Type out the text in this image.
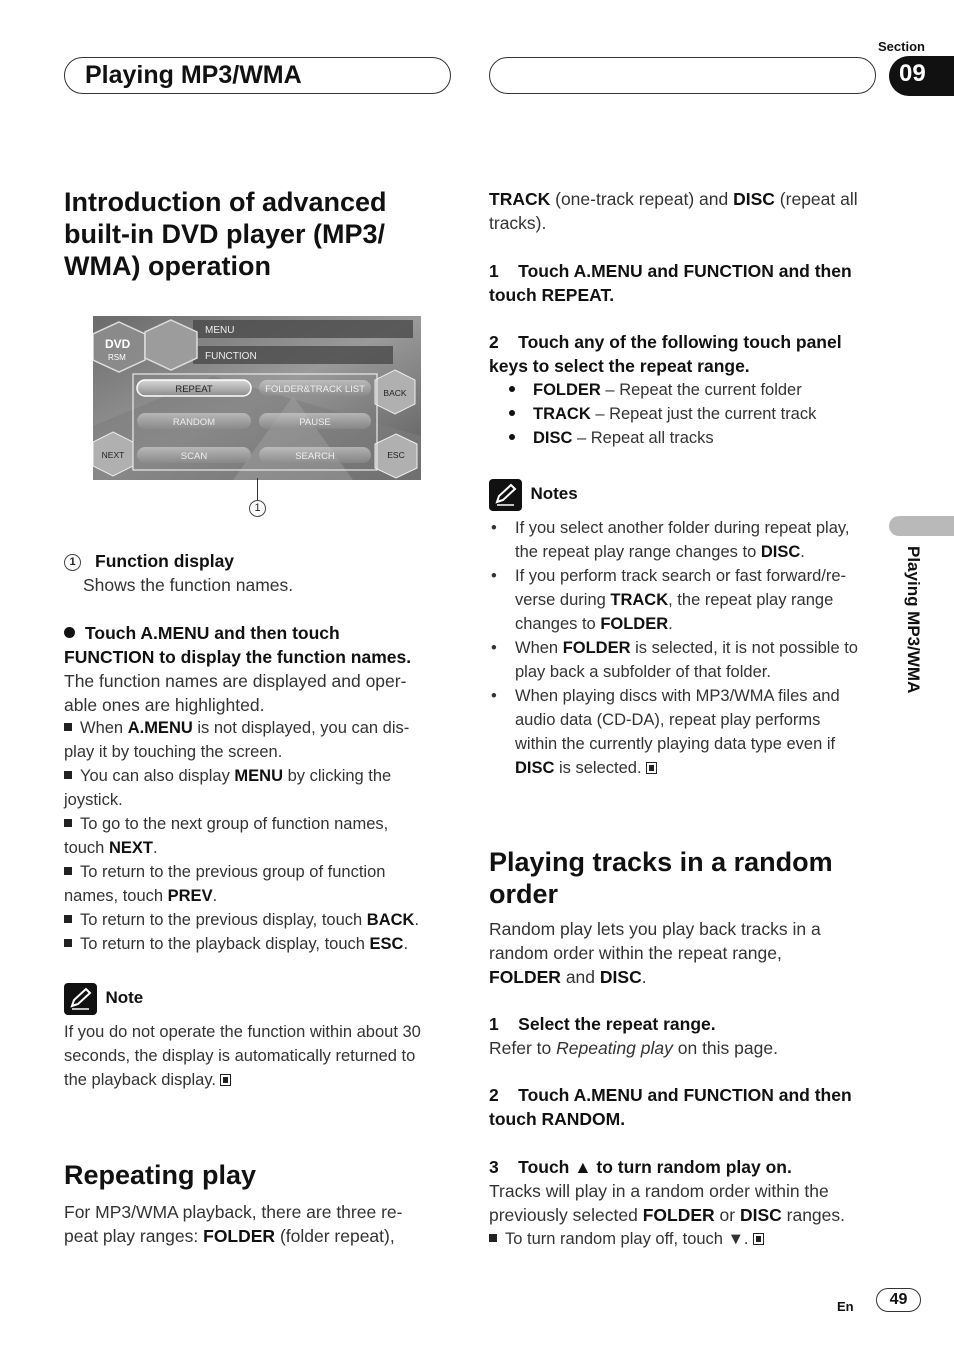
Playing MP3/WMA
Section
09
Playing MP3/WMA
Introduction of advanced
built-in DVD player (MP3/
WMA) operation
DVD
RSM
MENU
FUNCTION
REPEAT	FOLDER&TRACK LIST
RANDOM	PAUSE
SCAN	SEARCH
BACK
NEXT	ESC
1
1 Function display
Shows the function names.
Touch A.MENU and then touch
FUNCTION to display the function names.
The function names are displayed and oper-
able ones are highlighted.
When A.MENU is not displayed, you can dis-
play it by touching the screen.
You can also display MENU by clicking the
joystick.
To go to the next group of function names,
touch NEXT.
To return to the previous group of function
names, touch PREV.
To return to the previous display, touch BACK.
To return to the playback display, touch ESC.
Note
If you do not operate the function within about 30
seconds, the display is automatically returned to
the playback display.
Repeating play
For MP3/WMA playback, there are three re-
peat play ranges: FOLDER (folder repeat),
TRACK (one-track repeat) and DISC (repeat all
tracks).
1    Touch A.MENU and FUNCTION and then
touch REPEAT.
2    Touch any of the following touch panel
keys to select the repeat range.
FOLDER – Repeat the current folder
TRACK – Repeat just the current track
DISC – Repeat all tracks
Notes
• If you select another folder during repeat play,
the repeat play range changes to DISC.
• If you perform track search or fast forward/re-
verse during TRACK, the repeat play range
changes to FOLDER.
• When FOLDER is selected, it is not possible to
play back a subfolder of that folder.
• When playing discs with MP3/WMA files and
audio data (CD-DA), repeat play performs
within the currently playing data type even if
DISC is selected.
Playing tracks in a random
order
Random play lets you play back tracks in a
random order within the repeat range,
FOLDER and DISC.
1    Select the repeat range.
Refer to Repeating play on this page.
2    Touch A.MENU and FUNCTION and then
touch RANDOM.
3    Touch ▲ to turn random play on.
Tracks will play in a random order within the
previously selected FOLDER or DISC ranges.
To turn random play off, touch ▼.
En	49
